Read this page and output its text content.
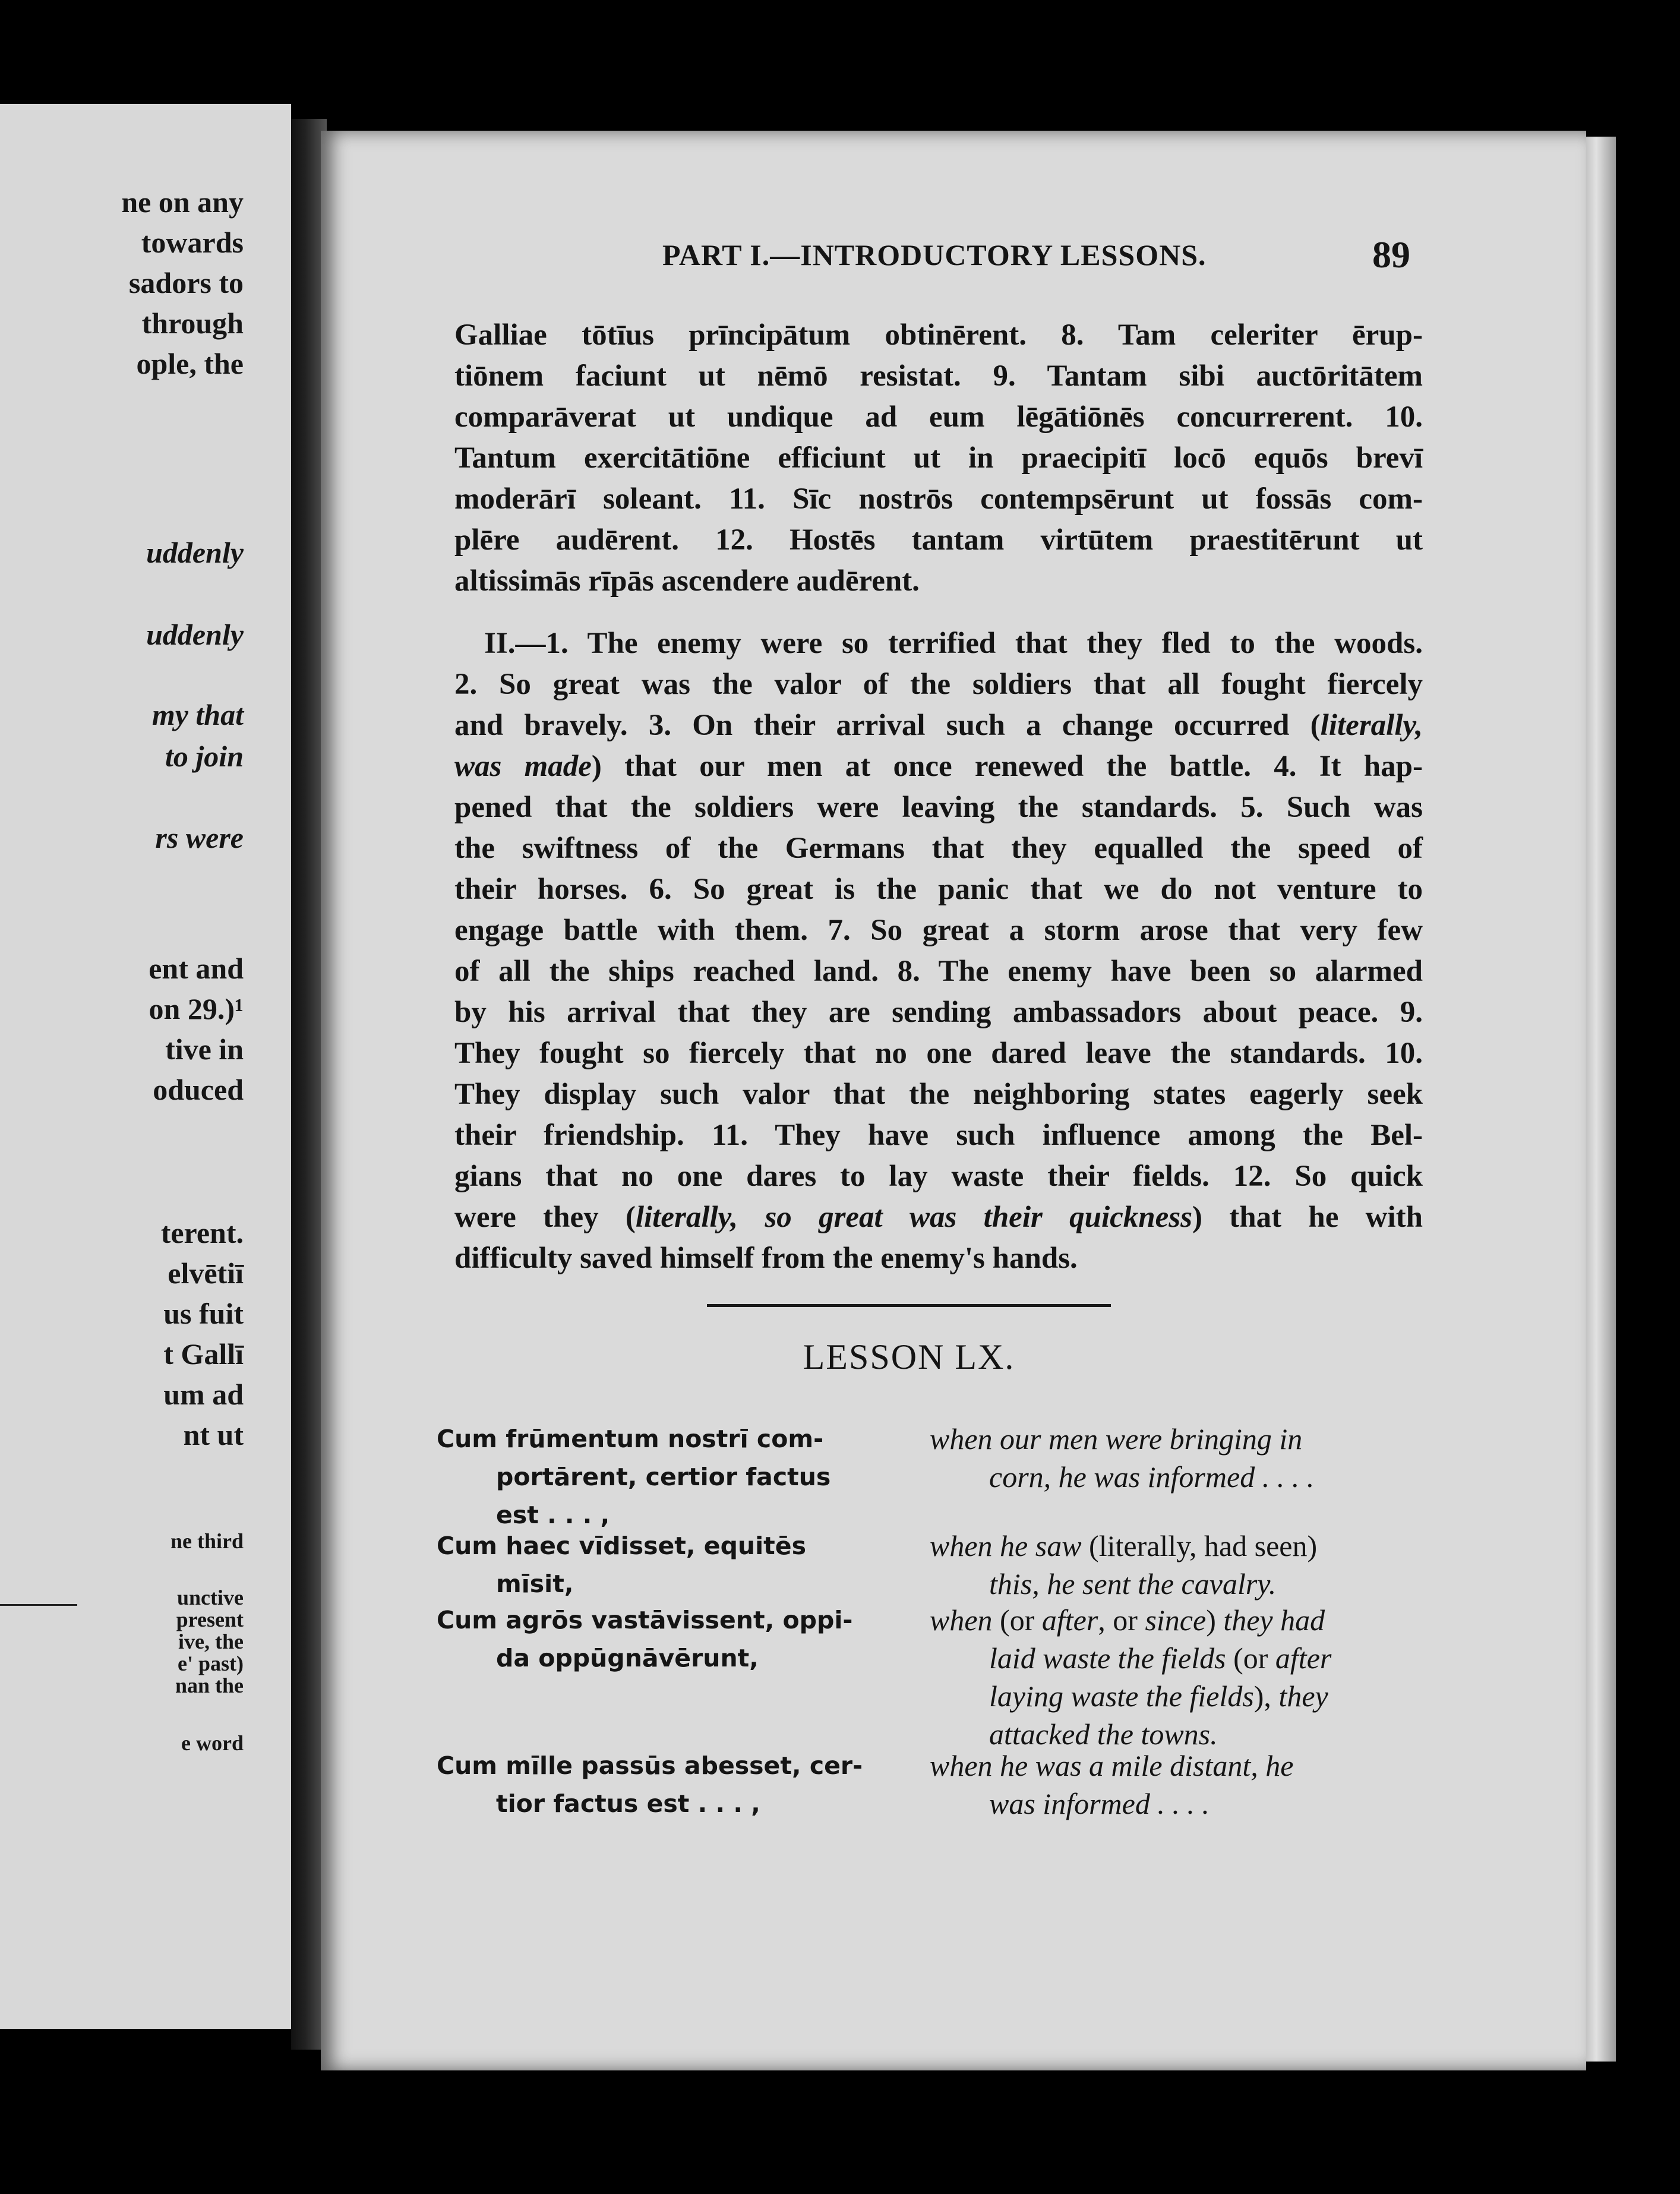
ne on any
towards
sadors to
through
ople, the
uddenly
uddenly
my that
to join
rs were
ent and
on 29.)¹
tive in
oduced
terent.
elvētiī
us fuit
t Gallī
um ad
nt ut
ne third
unctive
present
ive, the
e' past)
nan the
e word
PART I.—INTRODUCTORY LESSONS.	89
Galliae tōtīus prīncipātum obtinērent. 8. Tam celeriter ērup-
tiōnem faciunt ut nēmō resistat. 9. Tantam sibi auctōritātem
comparāverat ut undique ad eum lēgātiōnēs concurrerent. 10.
Tantum exercitātiōne efficiunt ut in praecipitī locō equōs brevī
moderārī soleant. 11. Sīc nostrōs contempsērunt ut fossās com-
plēre audērent. 12. Hostēs tantam virtūtem praestitērunt ut
altissimās rīpās ascendere audērent.
II.—1. The enemy were so terrified that they fled to the woods.
2. So great was the valor of the soldiers that all fought fiercely
and bravely. 3. On their arrival such a change occurred (literally,
was made) that our men at once renewed the battle. 4. It hap-
pened that the soldiers were leaving the standards. 5. Such was
the swiftness of the Germans that they equalled the speed of
their horses. 6. So great is the panic that we do not venture to
engage battle with them. 7. So great a storm arose that very few
of all the ships reached land. 8. The enemy have been so alarmed
by his arrival that they are sending ambassadors about peace. 9.
They fought so fiercely that no one dared leave the standards. 10.
They display such valor that the neighboring states eagerly seek
their friendship. 11. They have such influence among the Bel-
gians that no one dares to lay waste their fields. 12. So quick
were they (literally, so great was their quickness) that he with
difficulty saved himself from the enemy's hands.
LESSON LX.
Cum frūmentum nostrī com-
portārent, certior factus
est . . . ,
when our men were bringing in
corn, he was informed . . . .
Cum haec vīdisset, equitēs
mīsit,
when he saw (literally, had seen)
this, he sent the cavalry.
Cum agrōs vastāvissent, oppi-
da oppūgnāvērunt,
when (or after, or since) they had
laid waste the fields (or after
laying waste the fields), they
attacked the towns.
Cum mīlle passūs abesset, cer-
tior factus est . . . ,
when he was a mile distant, he
was informed . . . .
